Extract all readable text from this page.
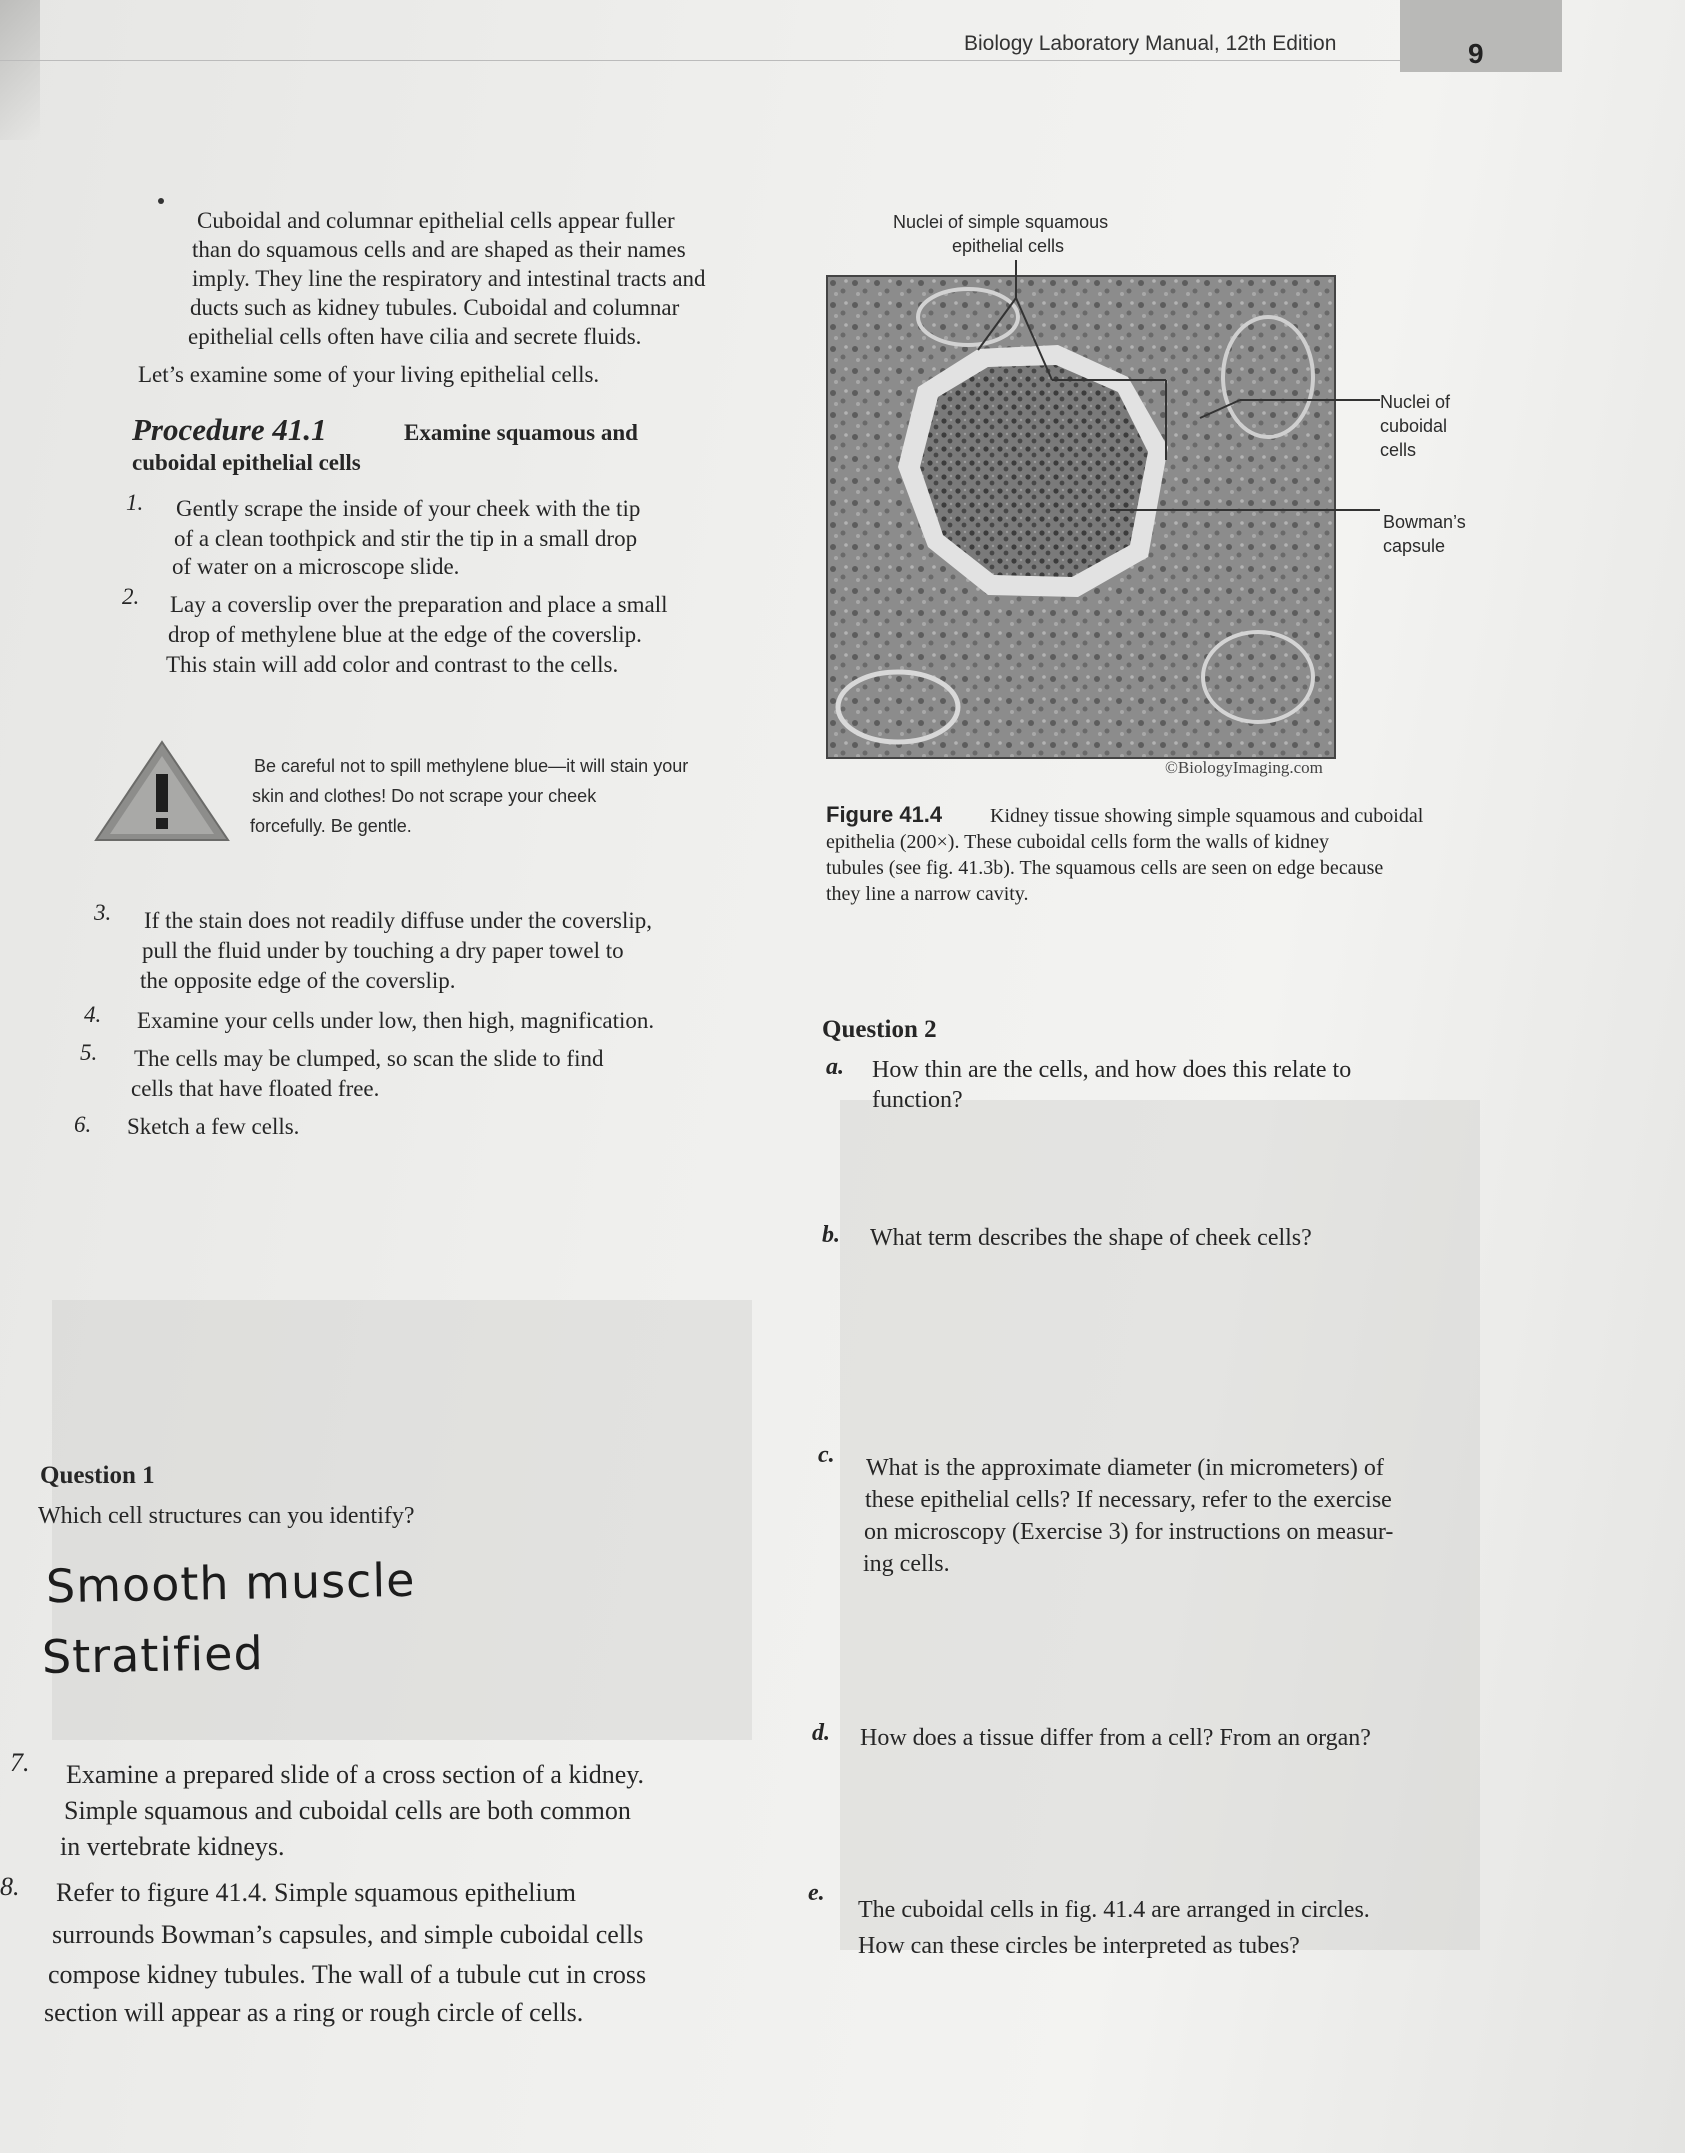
Biology Laboratory Manual, 12th Edition	9
Cuboidal and columnar epithelial cells appear fuller
than do squamous cells and are shaped as their names
imply. They line the respiratory and intestinal tracts and
ducts such as kidney tubules. Cuboidal and columnar
epithelial cells often have cilia and secrete fluids.
Let’s examine some of your living epithelial cells.
Procedure 41.1	Examine squamous and
cuboidal epithelial cells
1. Gently scrape the inside of your cheek with the tip
of a clean toothpick and stir the tip in a small drop
of water on a microscope slide.
2. Lay a coverslip over the preparation and place a small
drop of methylene blue at the edge of the coverslip.
This stain will add color and contrast to the cells.
Be careful not to spill methylene blue—it will stain your
skin and clothes! Do not scrape your cheek
forcefully. Be gentle.
3. If the stain does not readily diffuse under the coverslip,
pull the fluid under by touching a dry paper towel to
the opposite edge of the coverslip.
4. Examine your cells under low, then high, magnification.
5. The cells may be clumped, so scan the slide to find
cells that have floated free.
6. Sketch a few cells.
Question 1
Which cell structures can you identify?
Smooth muscle
Stratified
7. Examine a prepared slide of a cross section of a kidney.
Simple squamous and cuboidal cells are both common
in vertebrate kidneys.
8. Refer to figure 41.4. Simple squamous epithelium
surrounds Bowman’s capsules, and simple cuboidal cells
compose kidney tubules. The wall of a tubule cut in cross
section will appear as a ring or rough circle of cells.
Nuclei of simple squamous
epithelial cells
Nuclei of
cuboidal
cells
Bowman’s
capsule
©BiologyImaging.com
Figure 41.4 Kidney tissue showing simple squamous and cuboidal
epithelia (200×). These cuboidal cells form the walls of kidney
tubules (see fig. 41.3b). The squamous cells are seen on edge because
they line a narrow cavity.
Question 2
a. How thin are the cells, and how does this relate to
function?
b. What term describes the shape of cheek cells?
c. What is the approximate diameter (in micrometers) of
these epithelial cells? If necessary, refer to the exercise
on microscopy (Exercise 3) for instructions on measur-
ing cells.
d. How does a tissue differ from a cell? From an organ?
e.
The cuboidal cells in fig. 41.4 are arranged in circles.
How can these circles be interpreted as tubes?
